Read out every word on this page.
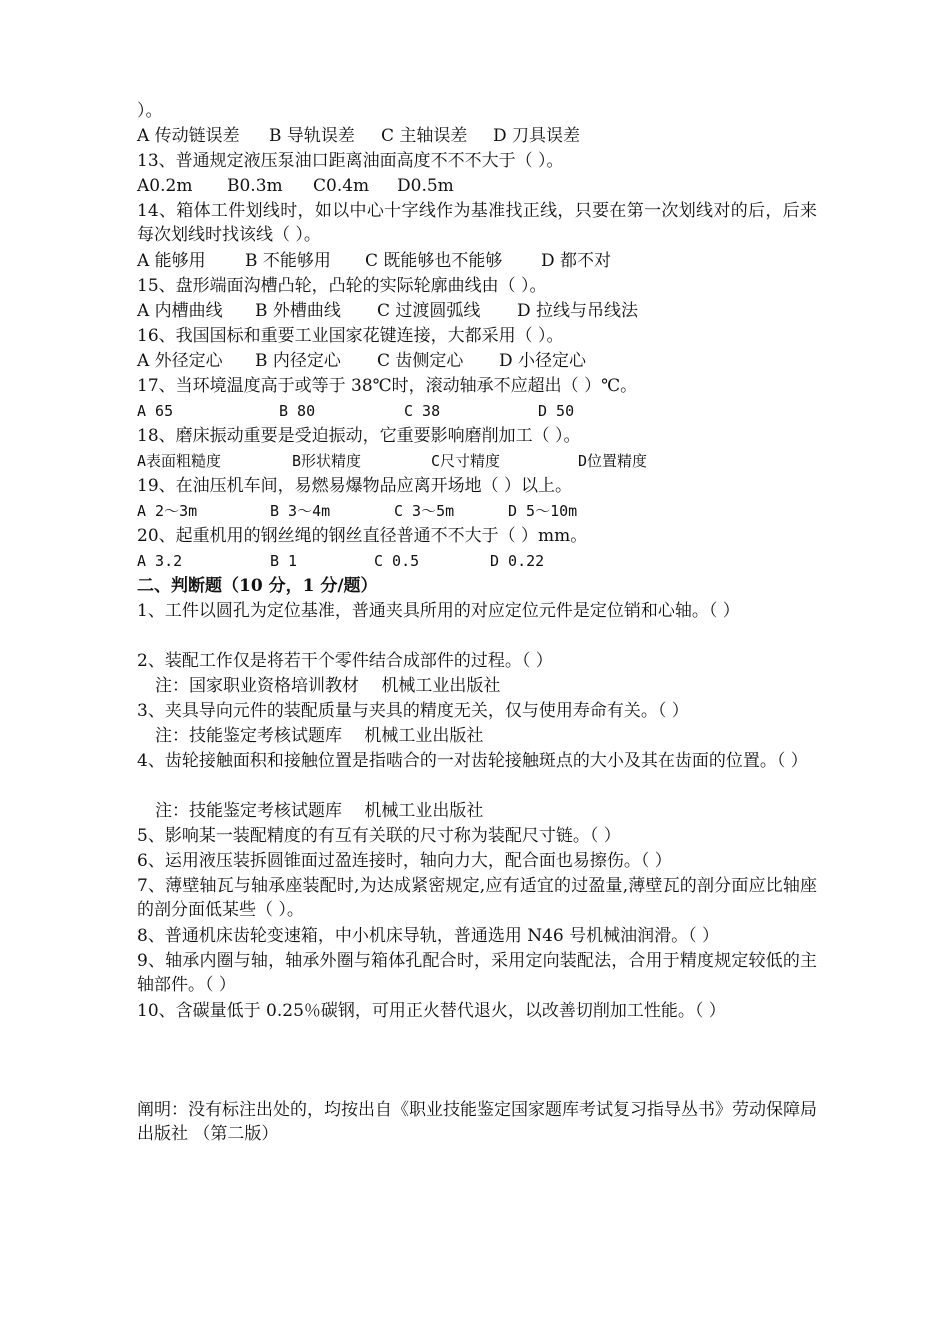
）。
A 传动链误差 B 导轨误差 C 主轴误差 D 刀具误差
13、普通规定液压泵油口距离油面高度不不不大于（ ）。
A0.2m B0.3m C0.4m D0.5m
14、箱体工件划线时，如以中心十字线作为基准找正线，只要在第一次划线对的后，后来每次划线时找该线（ ）。
A 能够用 B 不能够用 C 既能够也不能够 D 都不对
15、盘形端面沟槽凸轮，凸轮的实际轮廓曲线由（ ）。
A 内槽曲线 B 外槽曲线 C 过渡圆弧线 D 拉线与吊线法
16、我国国标和重要工业国家花键连接，大都采用（ ）。
A 外径定心 B 内径定心 C 齿侧定心 D 小径定心
17、当环境温度高于或等于 38℃时，滚动轴承不应超出（ ）℃。
A 65	B 80	C 38	D 50
18、磨床振动重要是受迫振动，它重要影响磨削加工（ ）。
A表面粗糙度	B形状精度	C尺寸精度	D位置精度
19、在油压机车间，易燃易爆物品应离开场地（ ）以上。
A 2～3m	B 3～4m	C 3～5m	D 5～10m
20、起重机用的钢丝绳的钢丝直径普通不不大于（ ）mm。
A 3.2	B 1	C 0.5	D 0.22
二、判断题（10 分，1 分/题）
1、工件以圆孔为定位基准，普通夹具所用的对应定位元件是定位销和心轴。（ ）
2、装配工作仅是将若干个零件结合成部件的过程。（ ）
注：国家职业资格培训教材　 机械工业出版社
3、夹具导向元件的装配质量与夹具的精度无关，仅与使用寿命有关。（ ）
注：技能鉴定考核试题库　 机械工业出版社
4、齿轮接触面积和接触位置是指啮合的一对齿轮接触斑点的大小及其在齿面的位置。（ ）
注：技能鉴定考核试题库　 机械工业出版社
5、影响某一装配精度的有互有关联的尺寸称为装配尺寸链。（ ）
6、运用液压装拆圆锥面过盈连接时，轴向力大，配合面也易擦伤。（ ）
7、薄壁轴瓦与轴承座装配时,为达成紧密规定,应有适宜的过盈量,薄壁瓦的剖分面应比轴座的剖分面低某些（ ）。
8、普通机床齿轮变速箱，中小机床导轨，普通选用 N46 号机械油润滑。（ ）
9、轴承内圈与轴，轴承外圈与箱体孔配合时，采用定向装配法，合用于精度规定较低的主轴部件。（ ）
10、含碳量低于 0.25％碳钢，可用正火替代退火，以改善切削加工性能。（ ）
阐明：没有标注出处的，均按出自《职业技能鉴定国家题库考试复习指导丛书》劳动保障局出版社 （第二版）
